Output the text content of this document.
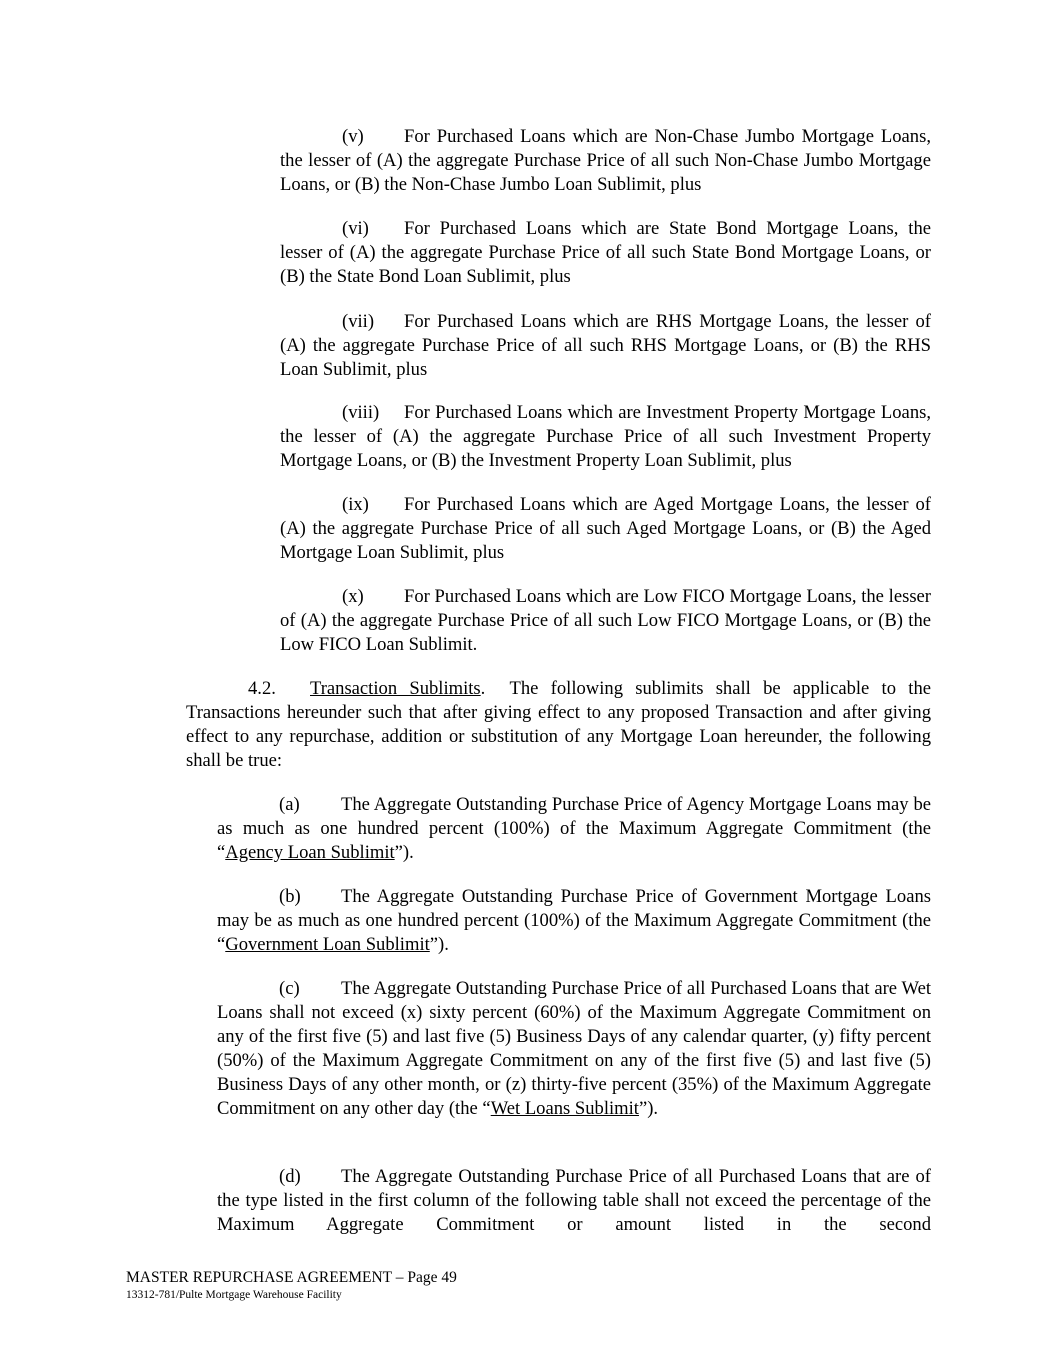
(v) For Purchased Loans which are Non-Chase Jumbo Mortgage Loans, the lesser of (A) the aggregate Purchase Price of all such Non-Chase Jumbo Mortgage Loans, or (B) the Non-Chase Jumbo Loan Sublimit, plus
(vi) For Purchased Loans which are State Bond Mortgage Loans, the lesser of (A) the aggregate Purchase Price of all such State Bond Mortgage Loans, or (B) the State Bond Loan Sublimit, plus
(vii) For Purchased Loans which are RHS Mortgage Loans, the lesser of (A) the aggregate Purchase Price of all such RHS Mortgage Loans, or (B) the RHS Loan Sublimit, plus
(viii) For Purchased Loans which are Investment Property Mortgage Loans, the lesser of (A) the aggregate Purchase Price of all such Investment Property Mortgage Loans, or (B) the Investment Property Loan Sublimit, plus
(ix) For Purchased Loans which are Aged Mortgage Loans, the lesser of (A) the aggregate Purchase Price of all such Aged Mortgage Loans, or (B) the Aged Mortgage Loan Sublimit, plus
(x) For Purchased Loans which are Low FICO Mortgage Loans, the lesser of (A) the aggregate Purchase Price of all such Low FICO Mortgage Loans, or (B) the Low FICO Loan Sublimit.
4.2. Transaction Sublimits.  The following sublimits shall be applicable to the Transactions hereunder such that after giving effect to any proposed Transaction and after giving effect to any repurchase, addition or substitution of any Mortgage Loan hereunder, the following shall be true:
(a) The Aggregate Outstanding Purchase Price of Agency Mortgage Loans may be as much as one hundred percent (100%) of the Maximum Aggregate Commitment (the “Agency Loan Sublimit”).
(b) The Aggregate Outstanding Purchase Price of Government Mortgage Loans may be as much as one hundred percent (100%) of the Maximum Aggregate Commitment (the “Government Loan Sublimit”).
(c) The Aggregate Outstanding Purchase Price of all Purchased Loans that are Wet Loans shall not exceed (x) sixty percent (60%) of the Maximum Aggregate Commitment on any of the first five (5) and last five (5) Business Days of any calendar quarter, (y) fifty percent (50%) of the Maximum Aggregate Commitment on any of the first five (5) and last five (5) Business Days of any other month, or (z) thirty-five percent (35%) of the Maximum Aggregate Commitment on any other day (the “Wet Loans Sublimit”).
(d) The Aggregate Outstanding Purchase Price of all Purchased Loans that are of the type listed in the first column of the following table shall not exceed the percentage of the Maximum Aggregate Commitment or amount listed in the second
MASTER REPURCHASE AGREEMENT – Page 49
13312-781/Pulte Mortgage Warehouse Facility
